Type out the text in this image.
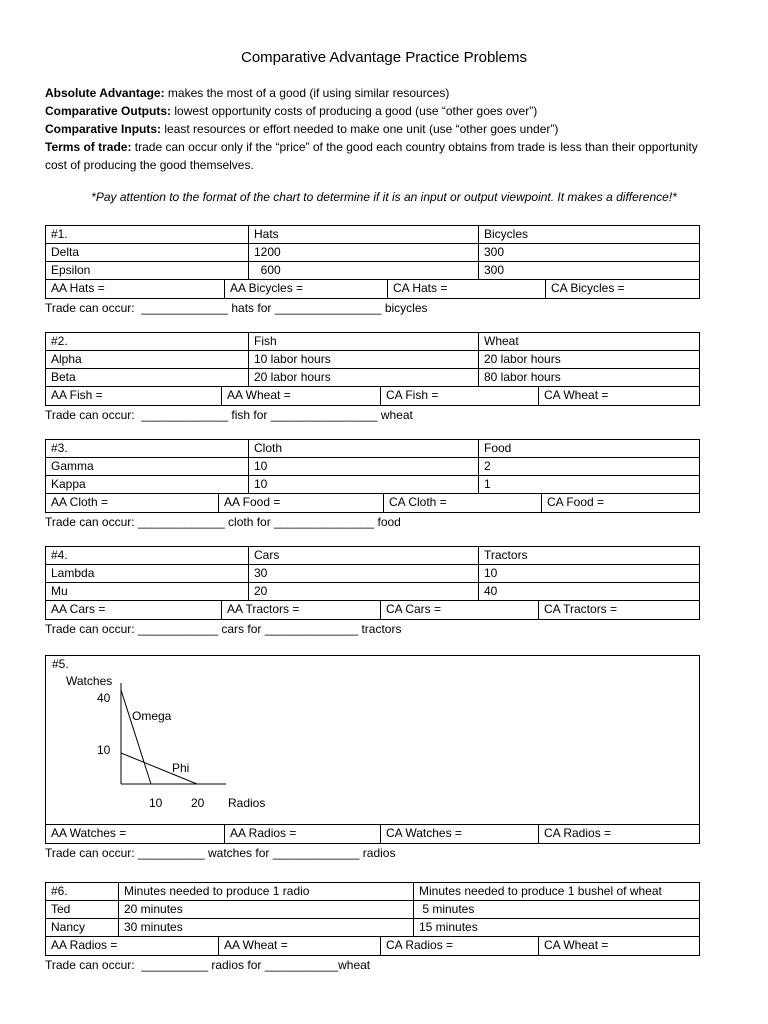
Comparative Advantage Practice Problems
Absolute Advantage: makes the most of a good (if using similar resources)
Comparative Outputs: lowest opportunity costs of producing a good (use “other goes over”)
Comparative Inputs: least resources or effort needed to make one unit (use “other goes under”)
Terms of trade: trade can occur only if the “price” of the good each country obtains from trade is less than their opportunity cost of producing the good themselves.
*Pay attention to the format of the chart to determine if it is an input or output viewpoint. It makes a difference!*
#1.	Hats	Bicycles
Delta	1200	300
Epsilon	600	300
AA Hats =	AA Bicycles =	CA Hats =	CA Bicycles =
Trade can occur:  _____________ hats for ________________ bicycles
#2.	Fish	Wheat
Alpha	10 labor hours	20 labor hours
Beta	20 labor hours	80 labor hours
AA Fish =	AA Wheat =	CA Fish =	CA Wheat =
Trade can occur:  _____________ fish for ________________ wheat
#3.	Cloth	Food
Gamma	10	2
Kappa	10	1
AA Cloth =	AA Food =	CA Cloth =	CA Food =
Trade can occur: _____________ cloth for _______________ food
#4.	Cars	Tractors
Lambda	30	10
Mu	20	40
AA Cars =	AA Tractors =	CA Cars =	CA Tractors =
Trade can occur: ____________ cars for ______________ tractors
#5.
Watches
40
10
Omega
Phi
10 20 Radios
AA Watches =	AA Radios =	CA Watches =	CA Radios =
Trade can occur: __________ watches for _____________ radios
#6.	Minutes needed to produce 1 radio	Minutes needed to produce 1 bushel of wheat
Ted	20 minutes	5 minutes
Nancy	30 minutes	15 minutes
AA Radios =	AA Wheat =	CA Radios =	CA Wheat =
Trade can occur:  __________ radios for ___________wheat
